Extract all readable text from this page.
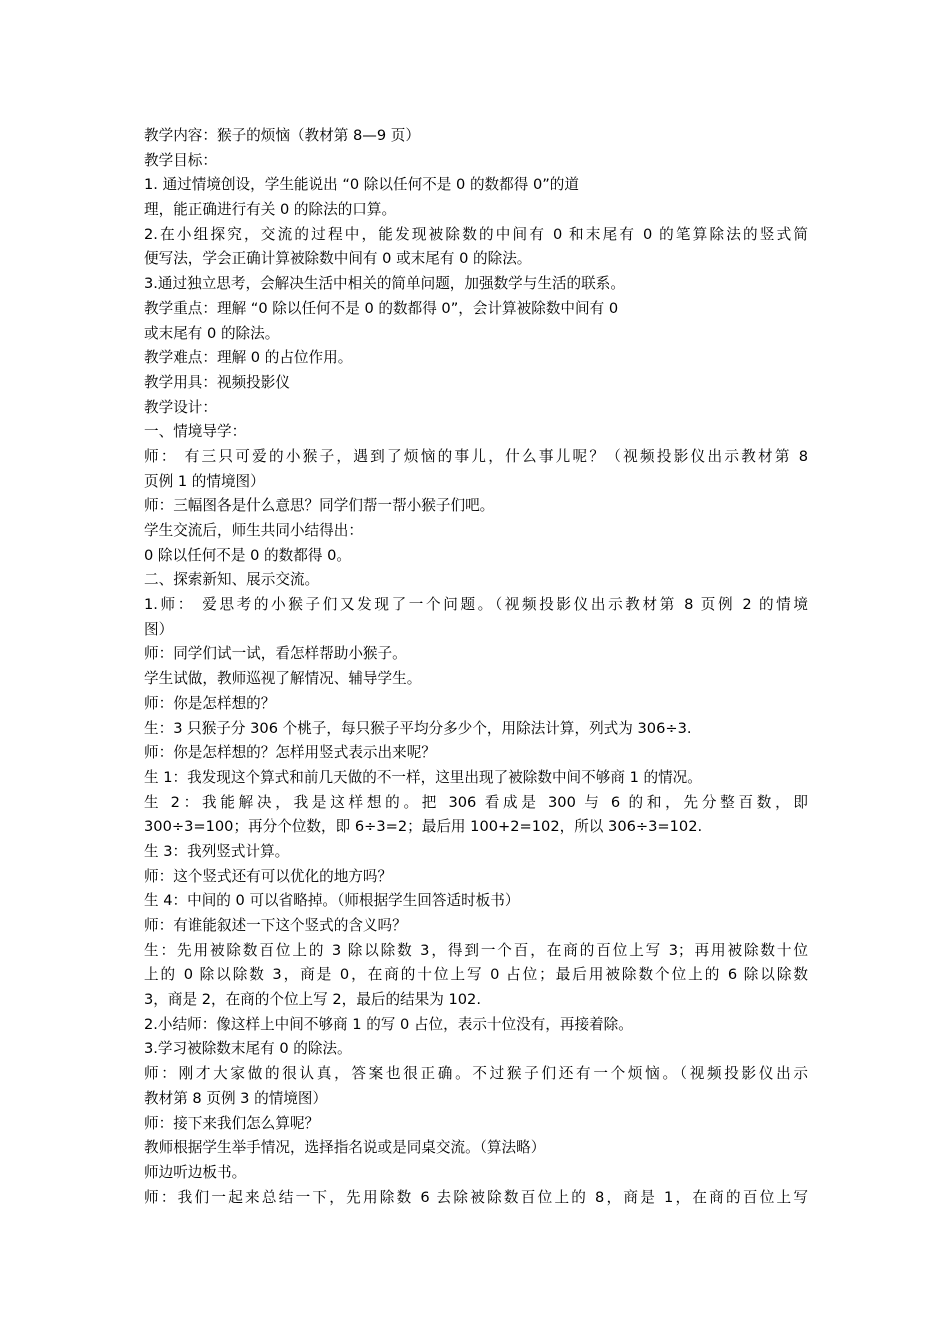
教学内容：猴子的烦恼（教材第 8—9 页）
教学目标：
1. 通过情境创设，学生能说出 “0 除以任何不是 0 的数都得 0”的道
理，能正确进行有关 0 的除法的口算。
2.在小组探究，交流的过程中，能发现被除数的中间有 0 和末尾有 0 的笔算除法的竖式简
便写法，学会正确计算被除数中间有 0 或末尾有 0 的除法。
3.通过独立思考，会解决生活中相关的简单问题，加强数学与生活的联系。
教学重点：理解 “0 除以任何不是 0 的数都得 0”，会计算被除数中间有 0
或末尾有 0 的除法。
教学难点：理解 0 的占位作用。
教学用具：视频投影仪
教学设计：
一、情境导学：
师： 有三只可爱的小猴子，遇到了烦恼的事儿，什么事儿呢？（视频投影仪出示教材第 8
页例 1 的情境图）
师：三幅图各是什么意思？同学们帮一帮小猴子们吧。
学生交流后，师生共同小结得出：
0 除以任何不是 0 的数都得 0。
二、探索新知、展示交流。
1.师： 爱思考的小猴子们又发现了一个问题。（视频投影仪出示教材第 8 页例 2 的情境
图）
师：同学们试一试，看怎样帮助小猴子。
学生试做，教师巡视了解情况、辅导学生。
师：你是怎样想的？
生：3 只猴子分 306 个桃子，每只猴子平均分多少个，用除法计算，列式为 306÷3.
师：你是怎样想的？怎样用竖式表示出来呢？
生 1：我发现这个算式和前几天做的不一样，这里出现了被除数中间不够商 1 的情况。
生 2：我能解决，我是这样想的。把 306 看成是 300 与 6 的和，先分整百数，即
300÷3=100；再分个位数，即 6÷3=2；最后用 100+2=102，所以 306÷3=102.
生 3：我列竖式计算。
师：这个竖式还有可以优化的地方吗？
生 4：中间的 0 可以省略掉。（师根据学生回答适时板书）
师：有谁能叙述一下这个竖式的含义吗？
生：先用被除数百位上的 3 除以除数 3，得到一个百，在商的百位上写 3；再用被除数十位
上的 0 除以除数 3，商是 0，在商的十位上写 0 占位；最后用被除数个位上的 6 除以除数
3，商是 2，在商的个位上写 2，最后的结果为 102.
2.小结师：像这样上中间不够商 1 的写 0 占位，表示十位没有，再接着除。
3.学习被除数末尾有 0 的除法。
师：刚才大家做的很认真，答案也很正确。不过猴子们还有一个烦恼。（视频投影仪出示
教材第 8 页例 3 的情境图）
师：接下来我们怎么算呢？
教师根据学生举手情况，选择指名说或是同桌交流。（算法略）
师边听边板书。
师：我们一起来总结一下，先用除数 6 去除被除数百位上的 8，商是 1，在商的百位上写
